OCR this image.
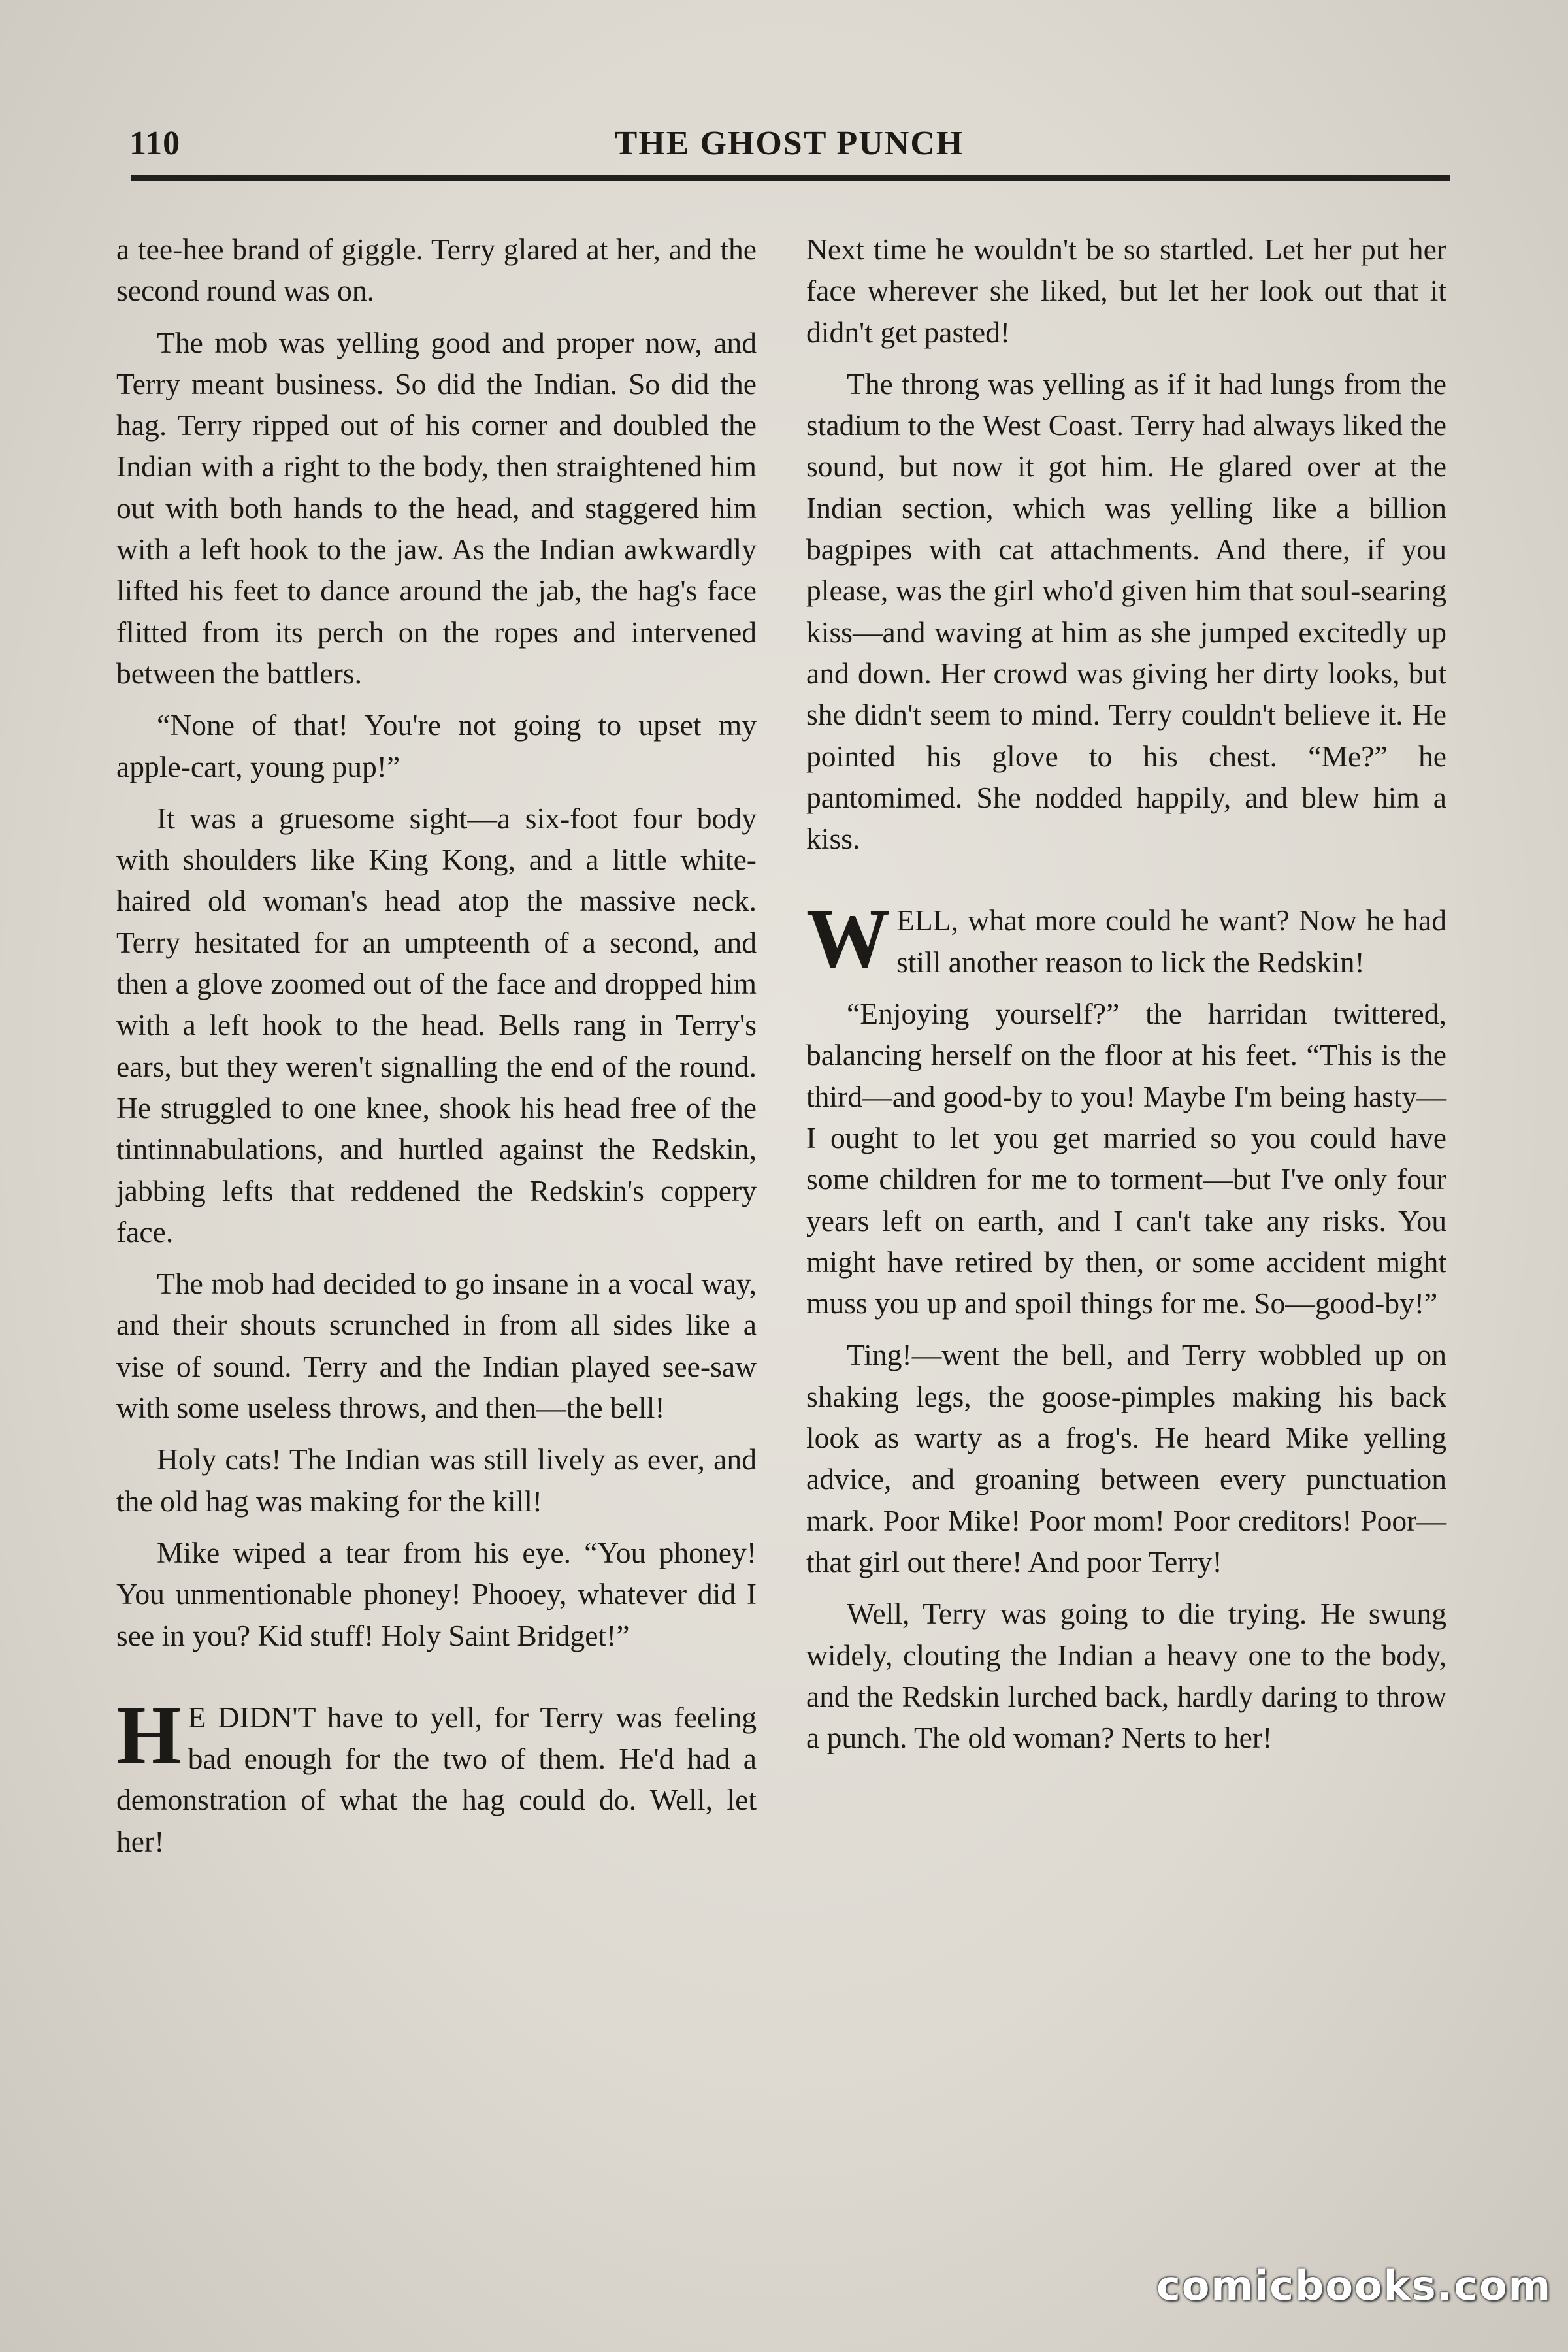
110	THE GHOST PUNCH

a tee-hee brand of giggle. Terry glared at her, and the second round was on.

The mob was yelling good and proper now, and Terry meant business. So did the Indian. So did the hag. Terry ripped out of his corner and doubled the Indian with a right to the body, then straightened him out with both hands to the head, and staggered him with a left hook to the jaw. As the Indian awkwardly lifted his feet to dance around the jab, the hag's face flitted from its perch on the ropes and intervened between the battlers.

“None of that! You're not going to upset my apple-cart, young pup!”

It was a gruesome sight—a six-foot four body with shoulders like King Kong, and a little white-haired old woman's head atop the massive neck. Terry hesitated for an umpteenth of a second, and then a glove zoomed out of the face and dropped him with a left hook to the head. Bells rang in Terry's ears, but they weren't signalling the end of the round. He struggled to one knee, shook his head free of the tintinnabulations, and hurtled against the Redskin, jabbing lefts that reddened the Redskin's coppery face.

The mob had decided to go insane in a vocal way, and their shouts scrunched in from all sides like a vise of sound. Terry and the Indian played see-saw with some useless throws, and then—the bell!

Holy cats! The Indian was still lively as ever, and the old hag was making for the kill!

Mike wiped a tear from his eye. “You phoney! You unmentionable phoney! Phooey, whatever did I see in you? Kid stuff! Holy Saint Bridget!”

H E DIDN'T have to yell, for Terry was feeling bad enough for the two of them. He'd had a demonstration of what the hag could do. Well, let her!

Next time he wouldn't be so startled. Let her put her face wherever she liked, but let her look out that it didn't get pasted!

The throng was yelling as if it had lungs from the stadium to the West Coast. Terry had always liked the sound, but now it got him. He glared over at the Indian section, which was yelling like a billion bagpipes with cat attachments. And there, if you please, was the girl who'd given him that soul-searing kiss—and waving at him as she jumped excitedly up and down. Her crowd was giving her dirty looks, but she didn't seem to mind. Terry couldn't believe it. He pointed his glove to his chest. “Me?” he pantomimed. She nodded happily, and blew him a kiss.

WELL, what more could he want? Now he had still another reason to lick the Redskin!

“Enjoying yourself?” the harridan twittered, balancing herself on the floor at his feet. “This is the third—and good-by to you! Maybe I'm being hasty—I ought to let you get married so you could have some children for me to torment—but I've only four years left on earth, and I can't take any risks. You might have retired by then, or some accident might muss you up and spoil things for me. So—good-by!”

Ting!—went the bell, and Terry wobbled up on shaking legs, the goose-pimples making his back look as warty as a frog's. He heard Mike yelling advice, and groaning between every punctuation mark. Poor Mike! Poor mom! Poor creditors! Poor—that girl out there! And poor Terry!

Well, Terry was going to die trying. He swung widely, clouting the Indian a heavy one to the body, and the Redskin lurched back, hardly daring to throw a punch. The old woman? Nerts to her!

comicbooks.com
